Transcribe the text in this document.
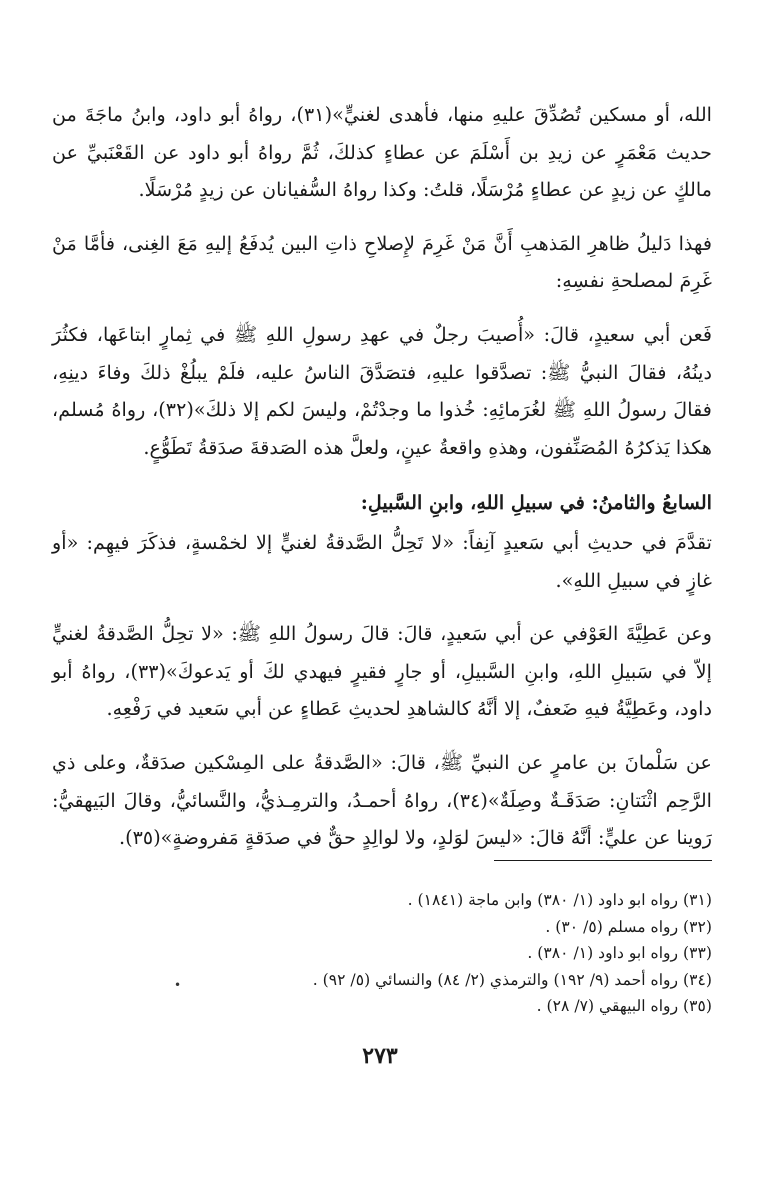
الله، أو مسكين تُصُدِّقَ عليهِ منها، فأهدى لغنيٍّ»(٣١)، رواهُ أبو داود، وابنُ ماجَةَ من حديث مَعْمَرٍ عن زيدِ بن أَسْلَمَ عن عطاءٍ كذلكَ، ثُمَّ رواهُ أبو داود عن القَعْنَبيِّ عن مالكٍ عن زيدٍ عن عطاءٍ مُرْسَلًا، قلتُ: وكذا رواهُ السُّفيانان عن زيدٍ مُرْسَلًا.

فهذا دَليلُ ظاهرِ المَذهبِ أَنَّ مَنْ غَرِمَ لإِصلاحِ ذاتِ البين يُدفَعُ إليهِ مَعَ الغِنى، فأمَّا مَنْ غَرِمَ لمصلحةِ نفسِهِ:

فَعن أبي سعيدٍ، قالَ: «أُصيبَ رجلٌ في عهدِ رسولِ اللهِ ﷺ في ثِمارٍ ابتاعَها، فكثُرَ دينُهُ، فقالَ النبيُّ ﷺ: تصدَّقوا عليهِ، فتصَدَّقَ الناسُ عليه، فلَمْ يبلُغْ ذلكَ وفاءَ دينِهِ، فقالَ رسولُ اللهِ ﷺ لغُرَمائِهِ: خُذوا ما وجدْتُمْ، وليسَ لكم إلا ذلكَ»(٣٢)، رواهُ مُسلم، هكذا يَذكرُهُ المُصَنِّفون، وهذهِ واقعةُ عينٍ، ولعلَّ هذه الصَدقةَ صدَقةُ تَطَوُّعٍ.

السابعُ والثامنُ: في سبيلِ اللهِ، وابنِ السَّبيلِ:

تقدَّمَ في حديثِ أبي سَعيدٍ آنِفاً: «لا تَحِلُّ الصَّدقةُ لغنيٍّ إلا لخمْسةٍ، فذكَرَ فيهِم: «أو غازٍ في سبيلِ اللهِ».

وعن عَطِيَّةَ العَوْفي عن أبي سَعيدٍ، قالَ: قالَ رسولُ اللهِ ﷺ: «لا تحِلُّ الصَّدقةُ لغنيٍّ إلاّ في سَبيلِ اللهِ، وابنِ السَّبيلِ، أو جارٍ فقيرٍ فيهدي لكَ أو يَدعوكَ»(٣٣)، رواهُ أبو داود، وعَطِيَّةُ فيهِ ضَعفٌ، إلا أنَّهُ كالشاهدِ لحديثِ عَطاءٍ عن أبي سَعيد في رَفْعِهِ.

عن سَلْمانَ بن عامرٍ عن النبيِّ ﷺ، قالَ: «الصَّدقةُ على المِسْكين صدَقةٌ، وعلى ذي الرَّحِم اثْنَتانِ: صَدَقَـةٌ وصِلَةٌ»(٣٤)، رواهُ أحمـدُ، والترمِـذيُّ، والنَّسائيُّ، وقالَ البَيهقيُّ: رَوينا عن عليٍّ: أنَّهُ قالَ: «ليسَ لوَلدٍ، ولا لوالِدٍ حقٌّ في صدَقةٍ مَفروضةٍ»(٣٥).

(٣١) رواه ابو داود (١/ ٣٨٠) وابن ماجة (١٨٤١) .
(٣٢) رواه مسلم (٥/ ٣٠) .
(٣٣) رواه ابو داود (١/ ٣٨٠) .
(٣٤) رواه أحمد (٩/ ١٩٢) والترمذي (٢/ ٨٤) والنسائي (٥/ ٩٢) .
(٣٥) رواه البيهقي (٧/ ٢٨) .
•
٢٧٣
